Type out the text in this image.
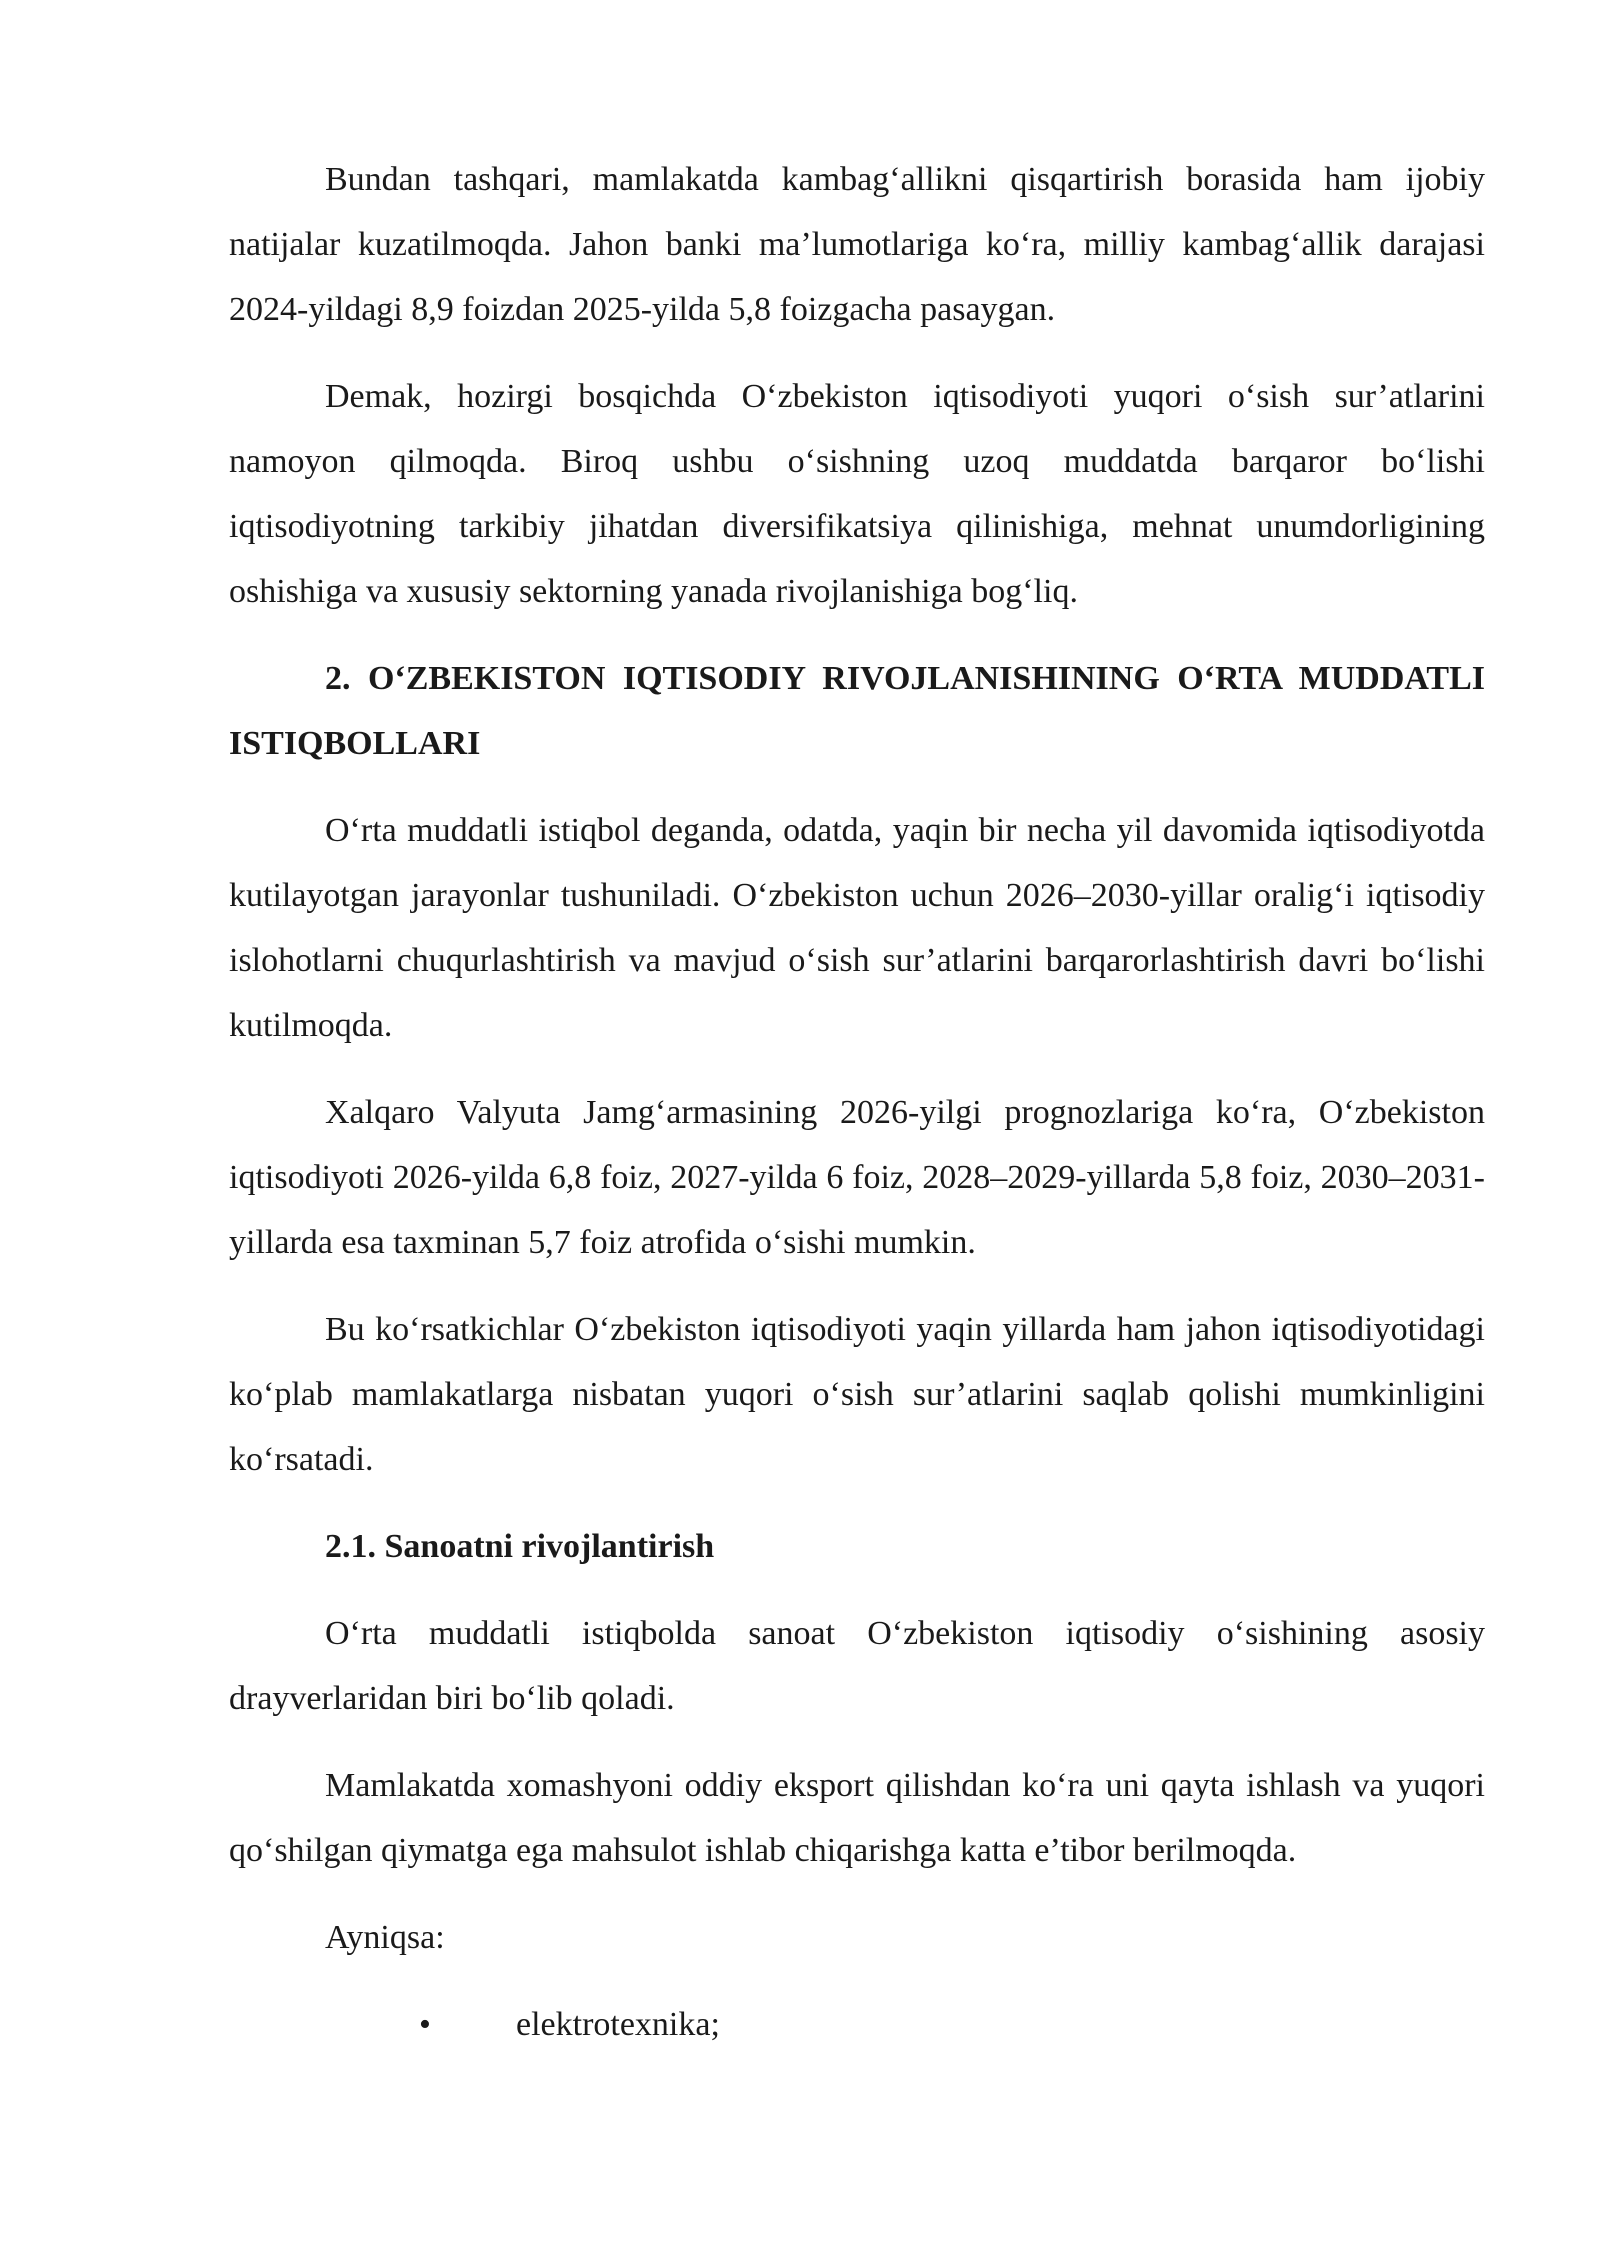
Bundan tashqari, mamlakatda kambag‘allikni qisqartirish borasida ham ijobiy natijalar kuzatilmoqda. Jahon banki ma’lumotlariga ko‘ra, milliy kambag‘allik darajasi 2024-yildagi 8,9 foizdan 2025-yilda 5,8 foizgacha pasaygan.

Demak, hozirgi bosqichda O‘zbekiston iqtisodiyoti yuqori o‘sish sur’atlarini namoyon qilmoqda. Biroq ushbu o‘sishning uzoq muddatda barqaror bo‘lishi iqtisodiyotning tarkibiy jihatdan diversifikatsiya qilinishiga, mehnat unumdorligining oshishiga va xususiy sektorning yanada rivojlanishiga bog‘liq.

2. O‘ZBEKISTON IQTISODIY RIVOJLANISHINING O‘RTA MUDDATLI ISTIQBOLLARI

O‘rta muddatli istiqbol deganda, odatda, yaqin bir necha yil davomida iqtisodiyotda kutilayotgan jarayonlar tushuniladi. O‘zbekiston uchun 2026–2030-yillar oralig‘i iqtisodiy islohotlarni chuqurlashtirish va mavjud o‘sish sur’atlarini barqarorlashtirish davri bo‘lishi kutilmoqda.

Xalqaro Valyuta Jamg‘armasining 2026-yilgi prognozlariga ko‘ra, O‘zbekiston iqtisodiyoti 2026-yilda 6,8 foiz, 2027-yilda 6 foiz, 2028–2029-yillarda 5,8 foiz, 2030–2031-yillarda esa taxminan 5,7 foiz atrofida o‘sishi mumkin.

Bu ko‘rsatkichlar O‘zbekiston iqtisodiyoti yaqin yillarda ham jahon iqtisodiyotidagi ko‘plab mamlakatlarga nisbatan yuqori o‘sish sur’atlarini saqlab qolishi mumkinligini ko‘rsatadi.

2.1. Sanoatni rivojlantirish

O‘rta muddatli istiqbolda sanoat O‘zbekiston iqtisodiy o‘sishining asosiy drayverlaridan biri bo‘lib qoladi.

Mamlakatda xomashyoni oddiy eksport qilishdan ko‘ra uni qayta ishlash va yuqori qo‘shilgan qiymatga ega mahsulot ishlab chiqarishga katta e’tibor berilmoqda.

Ayniqsa:

•	elektrotexnika;
